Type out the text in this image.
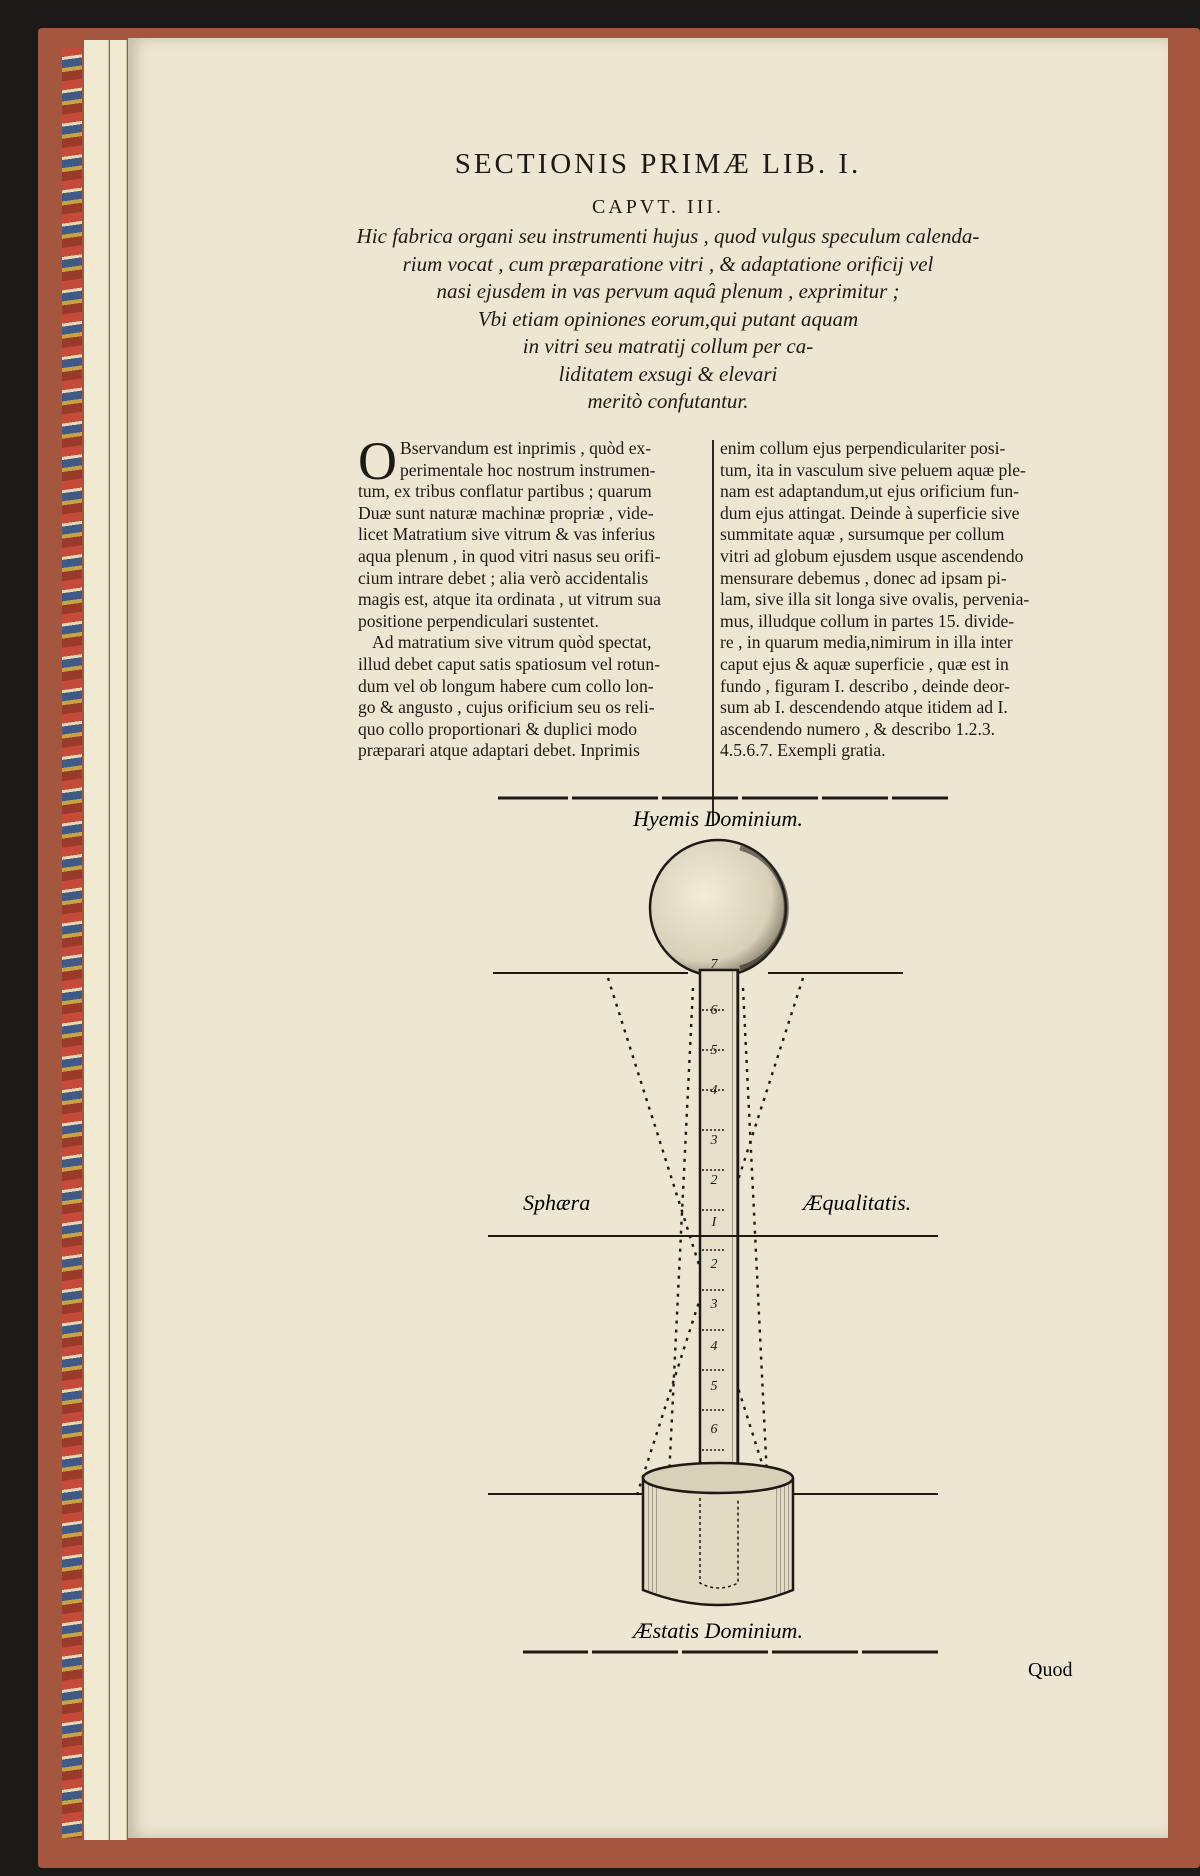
SECTIONIS PRIMÆ LIB. I.
CAPVT. III.
Hic fabrica organi seu instrumenti hujus , quod vulgus speculum calenda-
rium vocat , cum præparatione vitri , & adaptatione orificij vel
nasi ejusdem in vas pervum aquâ plenum , exprimitur ;
Vbi etiam opiniones eorum,qui putant aquam
in vitri seu matratij collum per ca-
liditatem exsugi & elevari
meritò confutantur.
O Bservandum est inprimis , quòd ex-
perimentale hoc nostrum instrumen-
tum, ex tribus conflatur partibus ; quarum
Duæ sunt naturæ machinæ propriæ , vide-
licet Matratium sive vitrum & vas inferius
aqua plenum , in quod vitri nasus seu orifi-
cium intrare debet ; alia verò accidentalis
magis est, atque ita ordinata , ut vitrum sua
positione perpendiculari sustentet.
Ad matratium sive vitrum quòd spectat,
illud debet caput satis spatiosum vel rotun-
dum vel ob longum habere cum collo lon-
go & angusto , cujus orificium seu os reli-
quo collo proportionari & duplici modo
præparari atque adaptari debet. Inprimis
enim collum ejus perpendiculariter posi-
tum, ita in vasculum sive peluem aquæ ple-
nam est adaptandum,ut ejus orificium fun-
dum ejus attingat. Deinde à superficie sive
summitate aquæ , sursumque per collum
vitri ad globum ejusdem usque ascendendo
mensurare debemus , donec ad ipsam pi-
lam, sive illa sit longa sive ovalis, pervenia-
mus, illudque collum in partes 15. divide-
re , in quarum media,nimirum in illa inter
caput ejus & aquæ superficie , quæ est in
fundo , figuram I. describo , deinde deor-
sum ab I. descendendo atque itidem ad I.
ascendendo numero , & describo 1.2.3.
4.5.6.7. Exempli gratia.
Hyemis Dominium.
7
6
5
4
3
2
I
2
3
4
5
6
Sphæra	Æqualitatis.
Æstatis Dominium.
Quod
